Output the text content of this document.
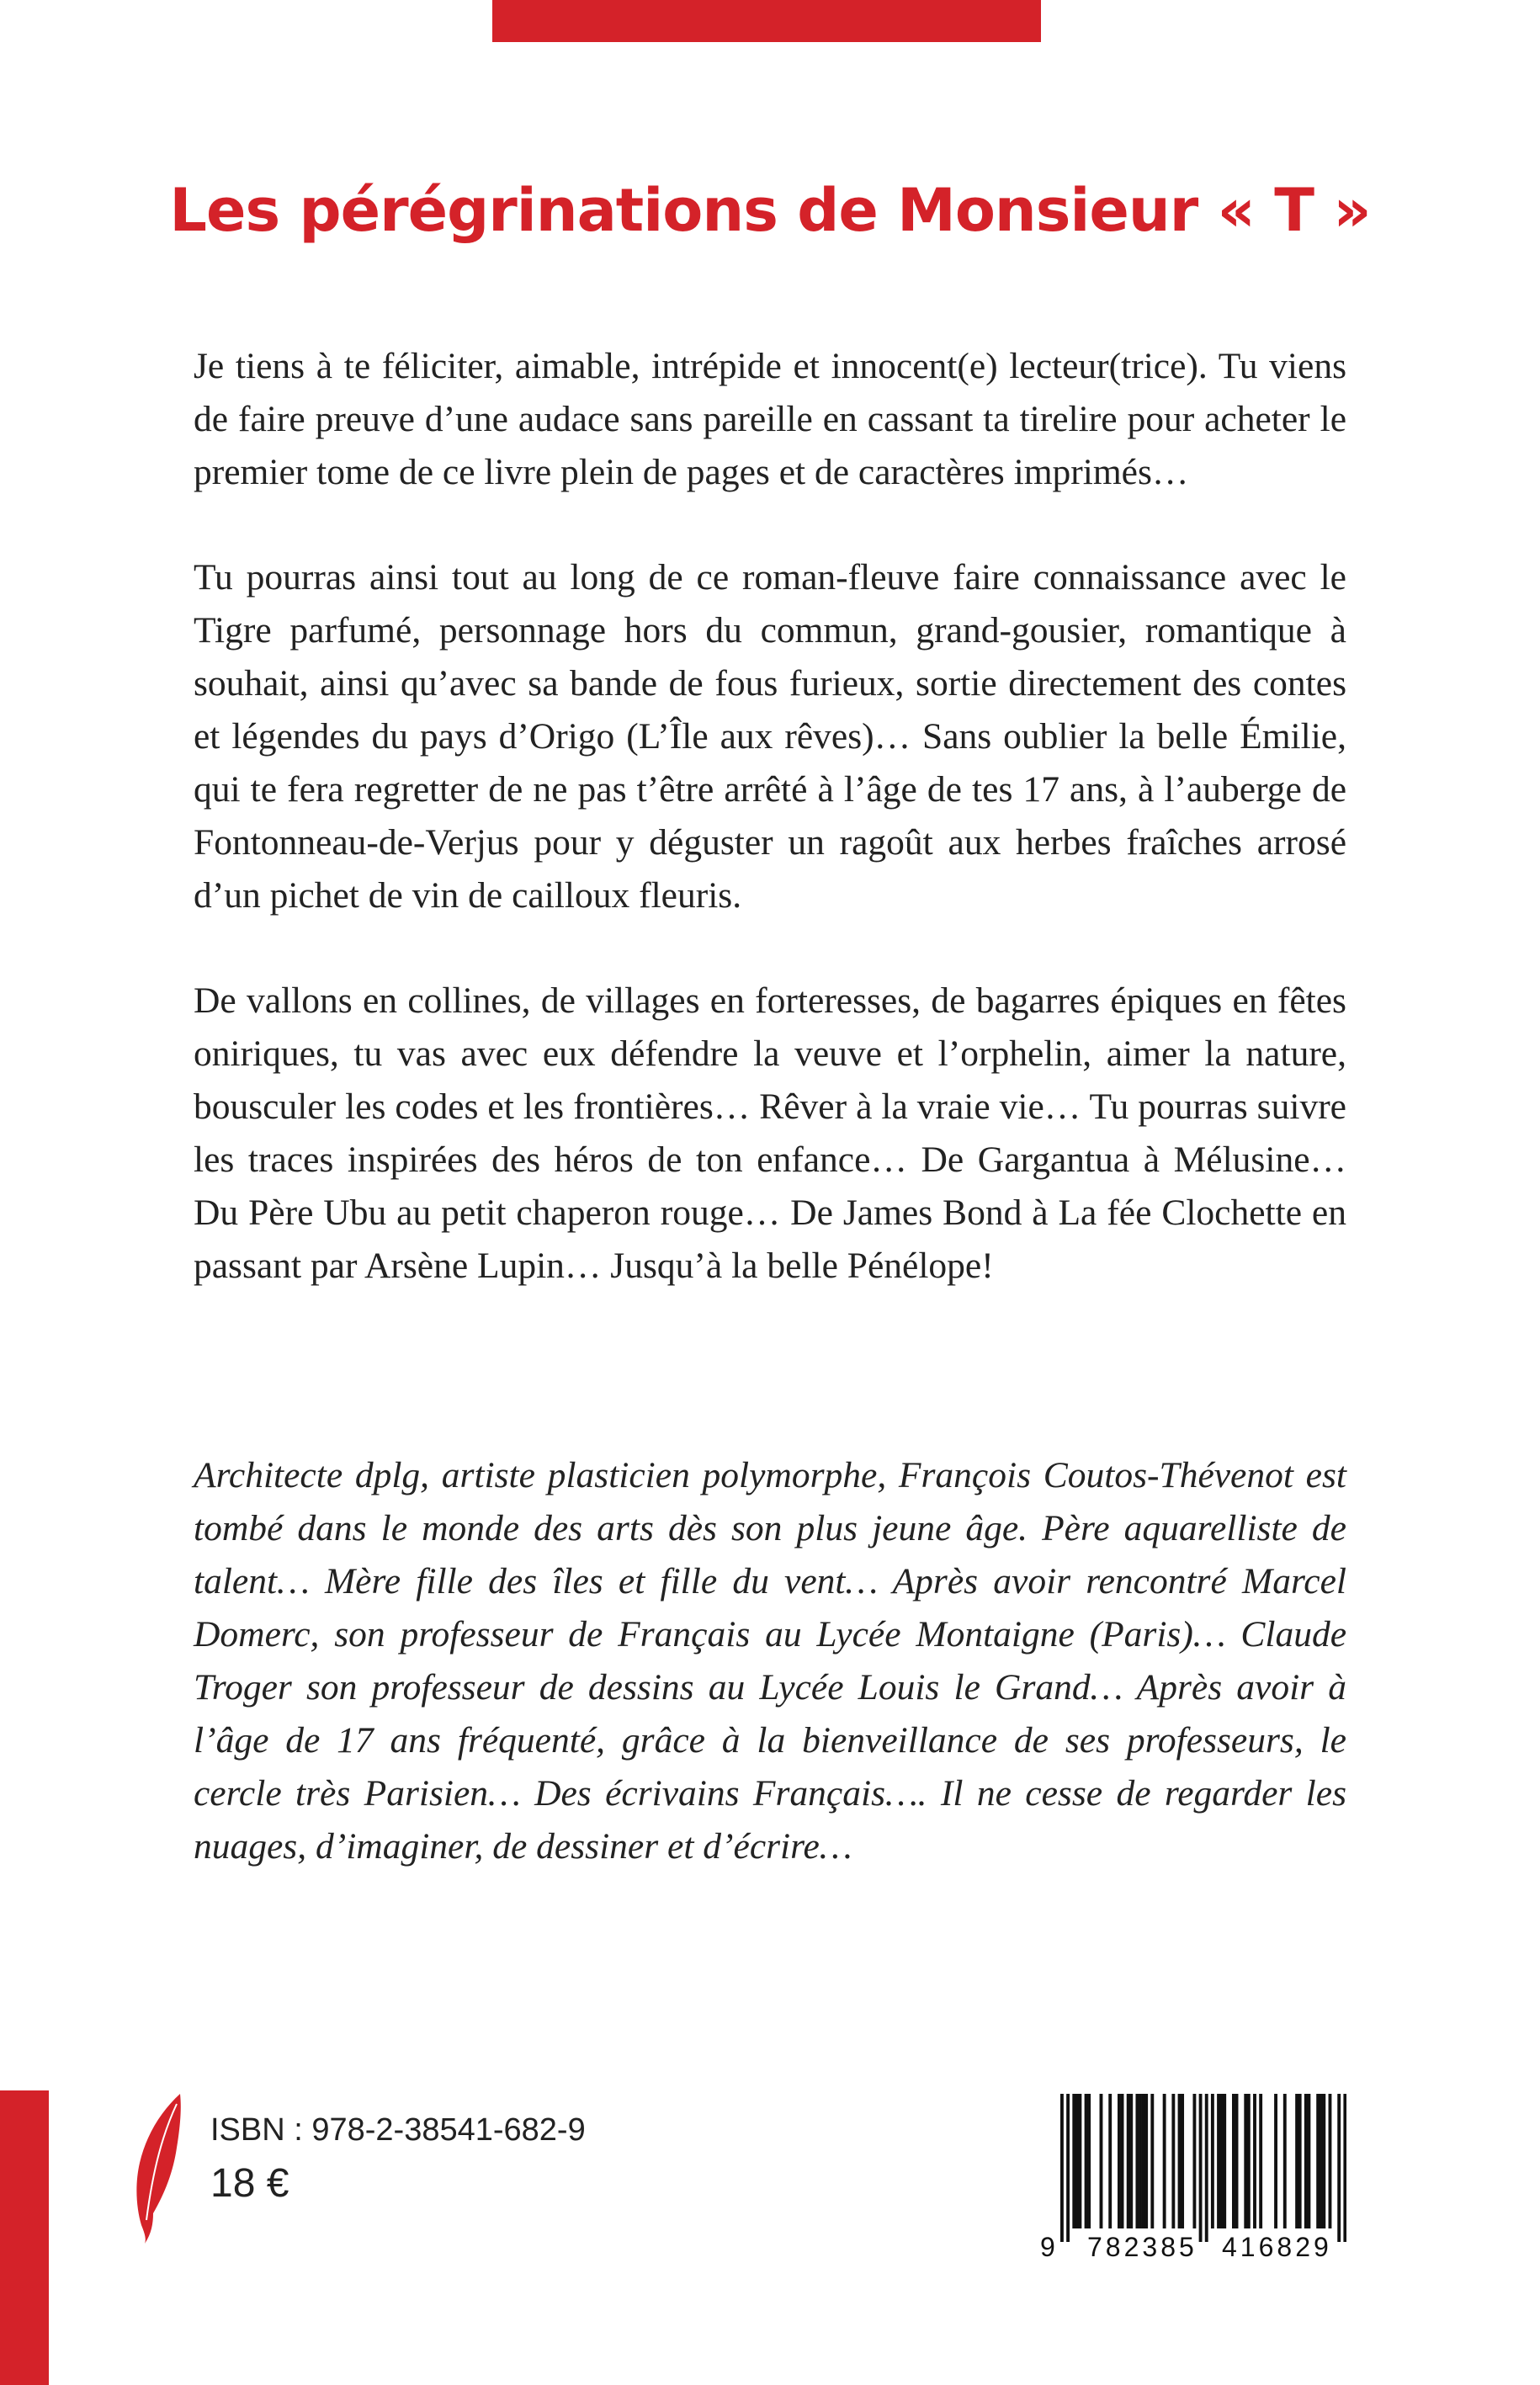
Les pérégrinations de Monsieur « T »

Je tiens à te féliciter, aimable, intrépide et innocent(e) lecteur(trice). Tu viens de faire preuve d’une audace sans pareille en cassant ta tirelire pour acheter le premier tome de ce livre plein de pages et de caractères imprimés…

Tu pourras ainsi tout au long de ce roman-fleuve faire connaissance avec le Tigre parfumé, personnage hors du commun, grand-gousier, romantique à souhait, ainsi qu’avec sa bande de fous furieux, sortie directement des contes et légendes du pays d’Origo (L’Île aux rêves)… Sans oublier la belle Émilie, qui te fera regretter de ne pas t’être arrêté à l’âge de tes 17 ans, à l’auberge de Fontonneau-de-Verjus pour y déguster un ragoût aux herbes fraîches arrosé d’un pichet de vin de cailloux fleuris.

De vallons en collines, de villages en forteresses, de bagarres épiques en fêtes oniriques, tu vas avec eux défendre la veuve et l’orphelin, aimer la nature, bousculer les codes et les frontières… Rêver à la vraie vie… Tu pourras suivre les traces inspirées des héros de ton enfance… De Gargantua à Mélusine… Du Père Ubu au petit chaperon rouge… De James Bond à La fée Clochette en passant par Arsène Lupin… Jusqu’à la belle Pénélope!

Architecte dplg, artiste plasticien polymorphe, François Coutos-Thévenot est tombé dans le monde des arts dès son plus jeune âge. Père aquarelliste de talent… Mère fille des îles et fille du vent… Après avoir rencontré Marcel Domerc, son professeur de Français au Lycée Montaigne (Paris)… Claude Troger son professeur de dessins au Lycée Louis le Grand… Après avoir à l’âge de 17 ans fréquenté, grâce à la bienveillance de ses professeurs, le cercle très Parisien… Des écrivains Français…. Il ne cesse de regarder les nuages, d’imaginer, de dessiner et d’écrire…

ISBN : 978-2-38541-682-9
18 €
9 782385 416829
